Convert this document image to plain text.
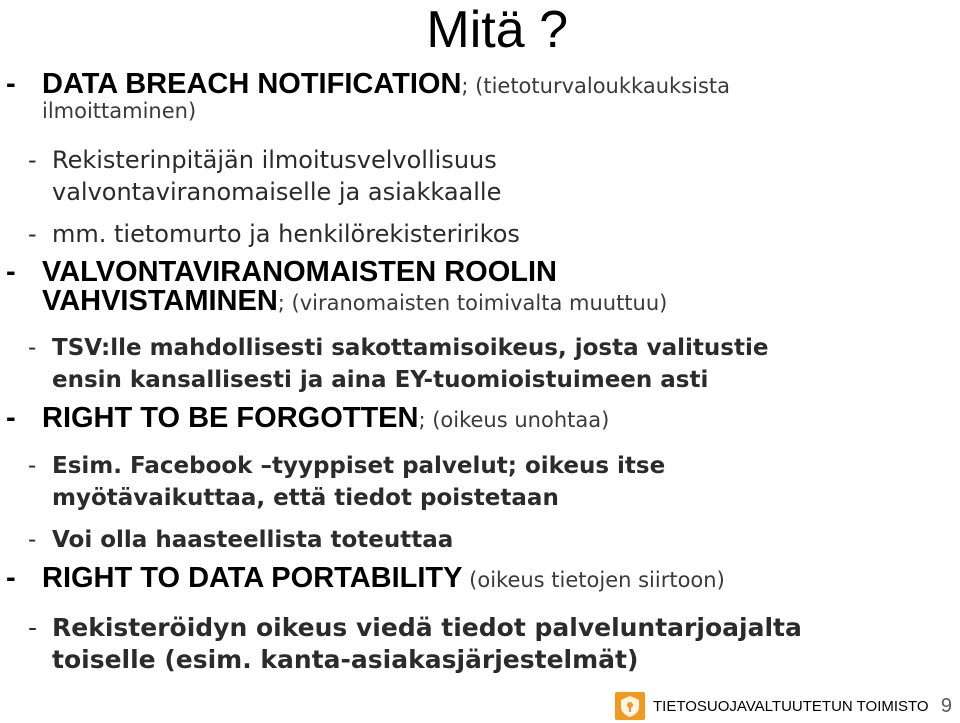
Mitä ?
- DATA BREACH NOTIFICATION; (tietoturvaloukkauksista
ilmoittaminen)
- Rekisterinpitäjän ilmoitusvelvollisuus
valvontaviranomaiselle ja asiakkaalle
- mm. tietomurto ja henkilörekisteririkos
- VALVONTAVIRANOMAISTEN ROOLIN
VAHVISTAMINEN; (viranomaisten toimivalta muuttuu)
- TSV:lle mahdollisesti sakottamisoikeus, josta valitustie
ensin kansallisesti ja aina EY-tuomioistuimeen asti
- RIGHT TO BE FORGOTTEN; (oikeus unohtaa)
- Esim. Facebook –tyyppiset palvelut; oikeus itse
myötävaikuttaa, että tiedot poistetaan
- Voi olla haasteellista toteuttaa
- RIGHT TO DATA PORTABILITY (oikeus tietojen siirtoon)
- Rekisteröidyn oikeus viedä tiedot palveluntarjoajalta
toiselle (esim. kanta-asiakasjärjestelmät)
TIETOSUOJAVALTUUTETUN TOIMISTO 9
